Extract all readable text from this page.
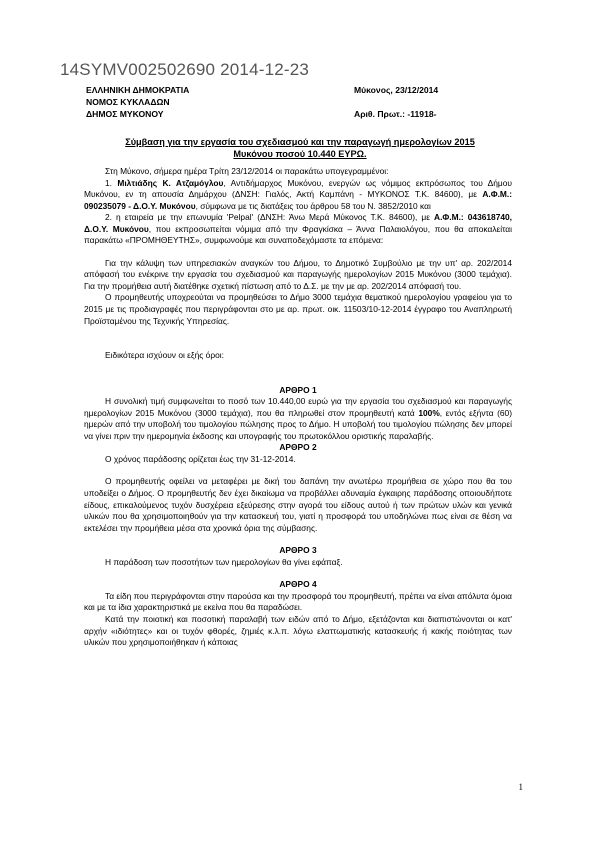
14SYMV002502690 2014-12-23
ΕΛΛΗΝΙΚΗ ΔΗΜΟΚΡΑΤΙΑ
ΝΟΜΟΣ ΚΥΚΛΑΔΩΝ
ΔΗΜΟΣ ΜΥΚΟΝΟΥ
Μύκονος, 23/12/2014
Αριθ. Πρωτ.: -11918-
Σύμβαση για την εργασία του σχεδιασμού και την παραγωγή ημερολογίων 2015
Μυκόνου ποσού 10.440 ΕΥΡΩ.

Στη Μύκονο, σήμερα ημέρα Τρίτη 23/12/2014 οι παρακάτω υπογεγραμμένοι:

1. Μιλτιάδης Κ. Ατζαμόγλου, Αντιδήμαρχος Μυκόνου, ενεργών ως νόμιμος εκπρόσωπος του Δήμου Μυκόνου, εν τη απουσία Δημάρχου (ΔΝΣΗ: Γιαλός, Ακτή Καμπάνη - ΜΥΚΟΝΟΣ Τ.Κ. 84600), με Α.Φ.Μ.: 090235079 - Δ.Ο.Υ. Μυκόνου, σύμφωνα με τις διατάξεις του άρθρου 58 του Ν. 3852/2010 και

2. η εταιρεία με την επωνυμία 'Pelpal' (ΔΝΣΗ: Άνω Μερά Μύκονος Τ.Κ. 84600), με Α.Φ.Μ.: 043618740, Δ.Ο.Υ. Μυκόνου, που εκπροσωπείται νόμιμα από την Φραγκίσκα – Άννα Παλαιολόγου, που θα αποκαλείται παρακάτω «ΠΡΟΜΗΘΕΥΤΗΣ», συμφωνούμε και συναποδεχόμαστε τα επόμενα:

Για την κάλυψη των υπηρεσιακών αναγκών του Δήμου, το Δημοτικό Συμβούλιο με την υπ' αρ. 202/2014 απόφασή του ενέκρινε την εργασία του σχεδιασμού και παραγωγής ημερολογίων 2015 Μυκόνου (3000 τεμάχια). Για την προμήθεια αυτή διατέθηκε σχετική πίστωση από το Δ.Σ. με την με αρ. 202/2014 απόφασή του.

Ο προμηθευτής υποχρεούται να προμηθεύσει το Δήμο 3000 τεμάχια θεματικού ημερολογίου γραφείου για το 2015 με τις προδιαγραφές που περιγράφονται στο με αρ. πρωτ. οικ. 11503/10-12-2014 έγγραφο του Αναπληρωτή Προϊσταμένου της Τεχνικής Υπηρεσίας.

Ειδικότερα ισχύουν οι εξής όροι:

ΑΡΘΡΟ 1

Η συνολική τιμή συμφωνείται το ποσό των 10.440,00 ευρώ για την εργασία του σχεδιασμού και παραγωγής ημερολογίων 2015 Μυκόνου (3000 τεμάχια), που θα πληρωθεί στον προμηθευτή κατά 100%, εντός εξήντα (60) ημερών από την υποβολή του τιμολογίου πώλησης προς το Δήμο. Η υποβολή του τιμολογίου πώλησης δεν μπορεί να γίνει πριν την ημερομηνία έκδοσης και υπογραφής του πρωτοκόλλου οριστικής παραλαβής.

ΑΡΘΡΟ 2

Ο χρόνος παράδοσης ορίζεται έως την 31-12-2014.

Ο προμηθευτής οφείλει να μεταφέρει με δική του δαπάνη την ανωτέρω προμήθεια σε χώρο που θα του υποδείξει ο Δήμος. Ο προμηθευτής δεν έχει δικαίωμα να προβάλλει αδυναμία έγκαιρης παράδοσης οποιουδήποτε είδους, επικαλούμενος τυχόν δυσχέρεια εξεύρεσης στην αγορά του είδους αυτού ή των πρώτων υλών και γενικά υλικών που θα χρησιμοποιηθούν για την κατασκευή του, γιατί η προσφορά του υποδηλώνει πως είναι σε θέση να εκτελέσει την προμήθεια μέσα στα χρονικά όρια της σύμβασης.

ΑΡΘΡΟ 3

Η παράδοση των ποσοτήτων των ημερολογίων θα γίνει εφάπαξ.

ΑΡΘΡΟ 4

Τα είδη που περιγράφονται στην παρούσα και την προσφορά του προμηθευτή, πρέπει να είναι απόλυτα όμοια και με τα ίδια χαρακτηριστικά με εκείνα που θα παραδώσει.

Κατά την ποιοτική και ποσοτική παραλαβή των ειδών από το Δήμο, εξετάζονται και διαπιστώνονται οι κατ' αρχήν «ιδιότητες» και οι τυχόν φθορές, ζημιές κ.λ.π. λόγω ελαττωματικής κατασκευής ή κακής ποιότητας των υλικών που χρησιμοποιήθηκαν ή κάποιας

1
